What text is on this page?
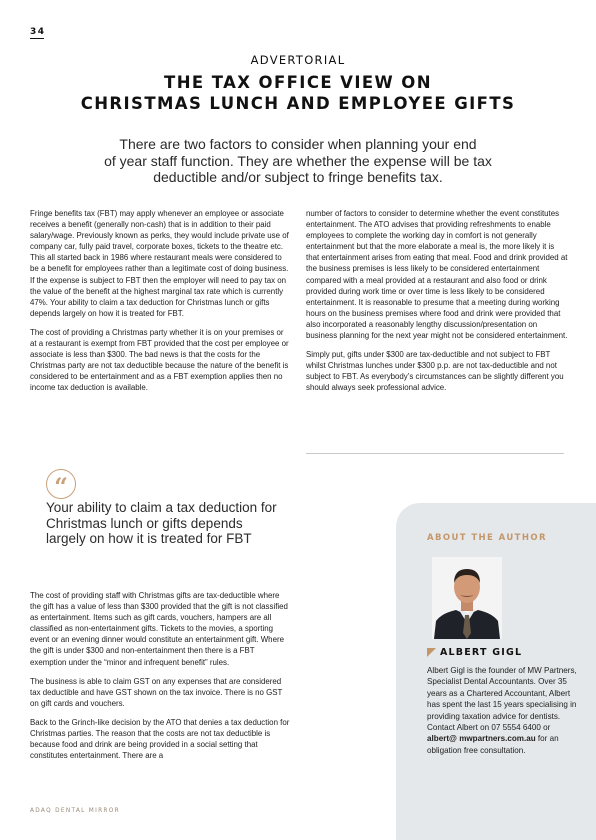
34
ADVERTORIAL
THE TAX OFFICE VIEW ON
CHRISTMAS LUNCH AND EMPLOYEE GIFTS
There are two factors to consider when planning your end
of year staff function. They are whether the expense will be tax
deductible and/or subject to fringe benefits tax.

Fringe benefits tax (FBT) may apply whenever an employee or associate receives a benefit (generally non-cash) that is in addition to their paid salary/wage. Previously known as perks, they would include private use of company car, fully paid travel, corporate boxes, tickets to the theatre etc. This all started back in 1986 where restaurant meals were considered to be a benefit for employees rather than a legitimate cost of doing business. If the expense is subject to FBT then the employer will need to pay tax on the value of the benefit at the highest marginal tax rate which is currently 47%. Your ability to claim a tax deduction for Christmas lunch or gifts depends largely on how it is treated for FBT.

The cost of providing a Christmas party whether it is on your premises or at a restaurant is exempt from FBT provided that the cost per employee or associate is less than $300. The bad news is that the costs for the Christmas party are not tax deductible because the nature of the benefit is considered to be entertainment and as a FBT exemption applies then no income tax deduction is available.

number of factors to consider to determine whether the event constitutes entertainment. The ATO advises that providing refreshments to enable employees to complete the working day in comfort is not generally entertainment but that the more elaborate a meal is, the more likely it is that entertainment arises from eating that meal. Food and drink provided at the business premises is less likely to be considered entertainment compared with a meal provided at a restaurant and also food or drink provided during work time or over time is less likely to be considered entertainment. It is reasonable to presume that a meeting during working hours on the business premises where food and drink were provided that also incorporated a reasonably lengthy discussion/presentation on business planning for the next year might not be considered entertainment.

Simply put, gifts under $300 are tax-deductible and not subject to FBT whilst Christmas lunches under $300 p.p. are not tax-deductible and not subject to FBT. As everybody’s circumstances can be slightly different you should always seek professional advice.

“
Your ability to claim a tax deduction for Christmas lunch or gifts depends largely on how it is treated for FBT

The cost of providing staff with Christmas gifts are tax-deductible where the gift has a value of less than $300 provided that the gift is not classified as entertainment. Items such as gift cards, vouchers, hampers are all classified as non-entertainment gifts. Tickets to the movies, a sporting event or an evening dinner would constitute an entertainment gift. Where the gift is under $300 and non-entertainment then there is a FBT exemption under the “minor and infrequent benefit” rules.

The business is able to claim GST on any expenses that are considered tax deductible and have GST shown on the tax invoice. There is no GST on gift cards and vouchers.

Back to the Grinch-like decision by the ATO that denies a tax deduction for Christmas parties. The reason that the costs are not tax deductible is because food and drink are being provided in a social setting that constitutes entertainment. There are a

ABOUT THE AUTHOR
ALBERT GIGL
Albert Gigl is the founder of MW Partners, Specialist Dental Accountants. Over 35 years as a Chartered Accountant, Albert has spent the last 15 years specialising in providing taxation advice for dentists. Contact Albert on 07 5554 6400 or albert@ mwpartners.com.au for an obligation free consultation.
ADAQ DENTAL MIRROR
